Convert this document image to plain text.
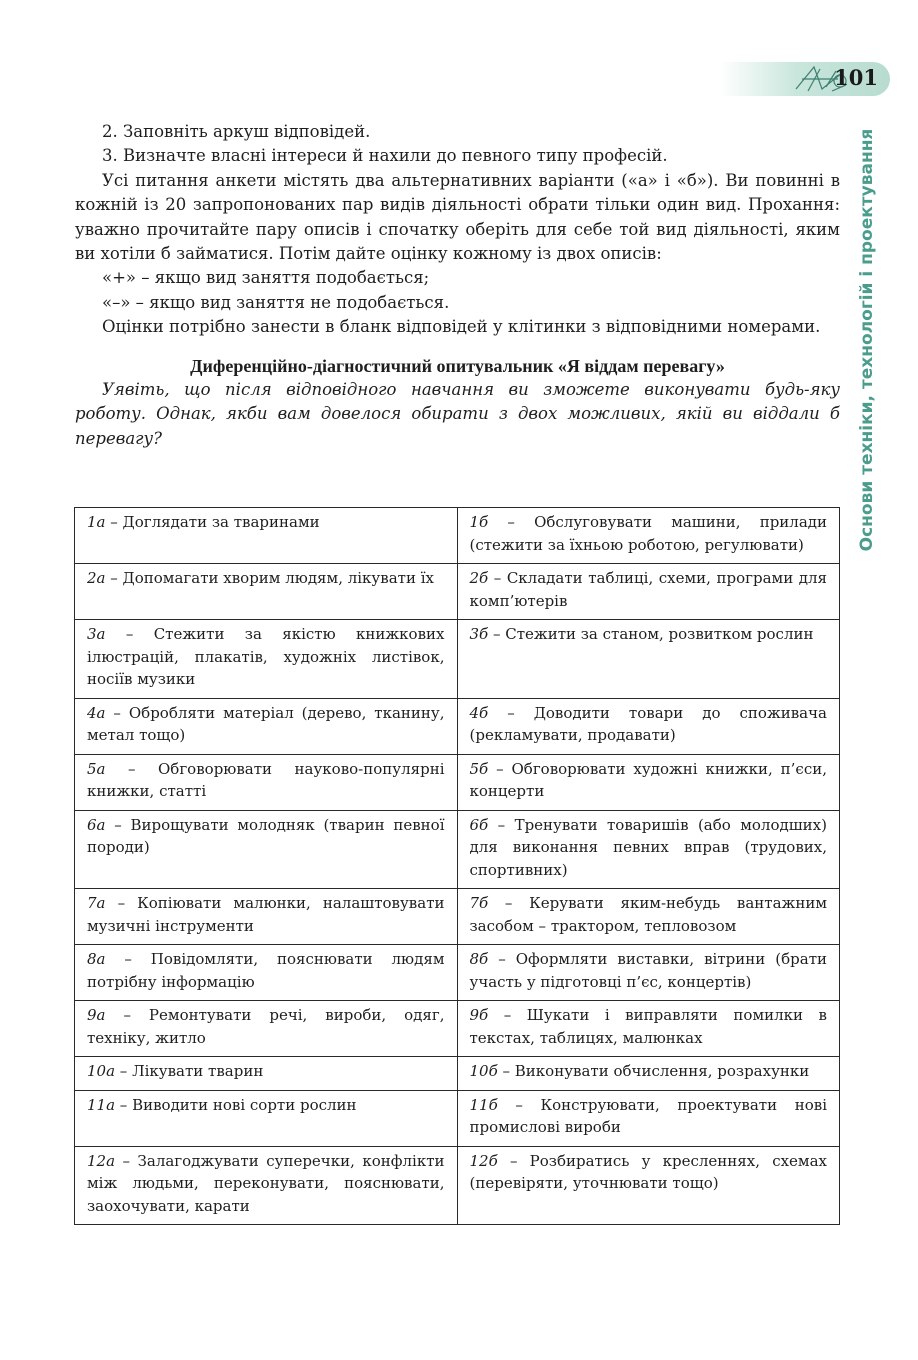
101
Основи техніки, технологій і проектування

2. Заповніть аркуш відповідей.

3. Визначте власні інтереси й нахили до певного типу професій.

Усі питання анкети містять два альтернативних варіанти («а» і «б»). Ви повинні в кожній із 20 запропонованих пар видів діяльності обрати тільки один вид. Прохання: уважно прочитайте пару описів і спочатку оберіть для себе той вид діяльності, яким ви хотіли б займатися. Потім дайте оцінку кожному із двох описів:

«+» – якщо вид заняття подобається;

«–» – якщо вид заняття не подобається.

Оцінки потрібно занести в бланк відповідей у клітинки з відповідними номерами.

Диференційно-діагностичний опитувальник «Я віддам перевагу»

Уявіть, що після відповідного навчання ви зможете виконувати будь-яку роботу. Однак, якби вам довелося обирати з двох можливих, якій ви віддали б перевагу?

1а – Доглядати за тваринами	1б – Обслуговувати машини, прилади (стежити за їхньою роботою, регулювати)
2а – Допомагати хворим людям, лікувати їх	2б – Складати таблиці, схеми, програми для комп’ютерів
3а – Стежити за якістю книжкових ілюстрацій, плакатів, художніх листівок, носіїв музики	3б – Стежити за станом, розвитком рослин
4а – Обробляти матеріал (дерево, тканину, метал тощо)	4б – Доводити товари до споживача (рекламувати, продавати)
5а – Обговорювати науково-популярні книжки, статті	5б – Обговорювати художні книжки, п’єси, концерти
6а – Вирощувати молодняк (тварин певної породи)	6б – Тренувати товаришів (або молодших) для виконання певних вправ (трудових, спортивних)
7а – Копіювати малюнки, налаштовувати музичні інструменти	7б – Керувати яким-небудь вантажним засобом – трактором, тепловозом
8а – Повідомляти, пояснювати людям потрібну інформацію	8б – Оформляти виставки, вітрини (брати участь у підготовці п’єс, концертів)
9а – Ремонтувати речі, вироби, одяг, техніку, житло	9б – Шукати і виправляти помилки в текстах, таблицях, малюнках
10а – Лікувати тварин	10б – Виконувати обчислення, розрахунки
11а – Виводити нові сорти рослин	11б – Конструювати, проектувати нові промислові вироби
12а – Залагоджувати суперечки, конфлікти між людьми, переконувати, пояснювати, заохочувати, карати	12б – Розбиратись у кресленнях, схемах (перевіряти, уточнювати тощо)
